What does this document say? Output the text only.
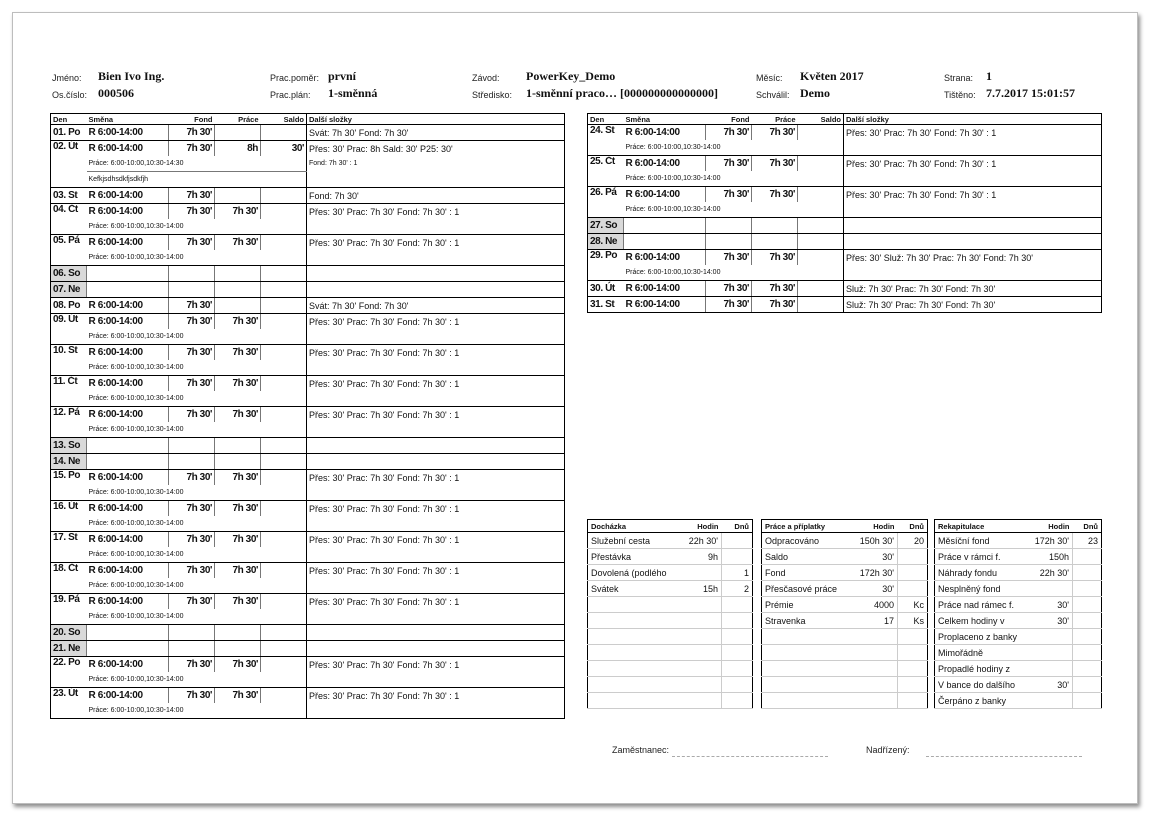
Jméno: Bien Ivo Ing.
Os.číslo: 000506
Prac.poměr: první
Prac.plán: 1-směnná
Závod: PowerKey_Demo
Středisko: 1-směnní praco… [000000000000000]
Měsíc: Květen 2017
Schválil: Demo
Strana: 1
Tištěno: 7.7.2017 15:01:57
Den	Směna	Fond	Práce	Saldo	Další složky
01. Po	R 6:00-14:00	7h 30'			Svát: 7h 30' Fond: 7h 30'
02. Út	R 6:00-14:00	7h 30'	8h	30'	Přes: 30' Prac: 8h Sald: 30' P25: 30'
	Práce: 6:00-10:00,10:30-14:30				Fond: 7h 30' : 1
	Kefkjsdhsdkfjsdkfjh				
03. St	R 6:00-14:00	7h 30'			Fond: 7h 30'
04. Čt	R 6:00-14:00	7h 30'	7h 30'		Přes: 30' Prac: 7h 30' Fond: 7h 30' : 1
	Práce: 6:00-10:00,10:30-14:00				
05. Pá	R 6:00-14:00	7h 30'	7h 30'		Přes: 30' Prac: 7h 30' Fond: 7h 30' : 1
	Práce: 6:00-10:00,10:30-14:00				
06. So					
07. Ne					
08. Po	R 6:00-14:00	7h 30'			Svát: 7h 30' Fond: 7h 30'
09. Út	R 6:00-14:00	7h 30'	7h 30'		Přes: 30' Prac: 7h 30' Fond: 7h 30' : 1
	Práce: 6:00-10:00,10:30-14:00				
10. St	R 6:00-14:00	7h 30'	7h 30'		Přes: 30' Prac: 7h 30' Fond: 7h 30' : 1
	Práce: 6:00-10:00,10:30-14:00				
11. Čt	R 6:00-14:00	7h 30'	7h 30'		Přes: 30' Prac: 7h 30' Fond: 7h 30' : 1
	Práce: 6:00-10:00,10:30-14:00				
12. Pá	R 6:00-14:00	7h 30'	7h 30'		Přes: 30' Prac: 7h 30' Fond: 7h 30' : 1
	Práce: 6:00-10:00,10:30-14:00				
13. So					
14. Ne					
15. Po	R 6:00-14:00	7h 30'	7h 30'		Přes: 30' Prac: 7h 30' Fond: 7h 30' : 1
	Práce: 6:00-10:00,10:30-14:00				
16. Út	R 6:00-14:00	7h 30'	7h 30'		Přes: 30' Prac: 7h 30' Fond: 7h 30' : 1
	Práce: 6:00-10:00,10:30-14:00				
17. St	R 6:00-14:00	7h 30'	7h 30'		Přes: 30' Prac: 7h 30' Fond: 7h 30' : 1
	Práce: 6:00-10:00,10:30-14:00				
18. Čt	R 6:00-14:00	7h 30'	7h 30'		Přes: 30' Prac: 7h 30' Fond: 7h 30' : 1
	Práce: 6:00-10:00,10:30-14:00				
19. Pá	R 6:00-14:00	7h 30'	7h 30'		Přes: 30' Prac: 7h 30' Fond: 7h 30' : 1
	Práce: 6:00-10:00,10:30-14:00				
20. So					
21. Ne					
22. Po	R 6:00-14:00	7h 30'	7h 30'		Přes: 30' Prac: 7h 30' Fond: 7h 30' : 1
	Práce: 6:00-10:00,10:30-14:00				
23. Út	R 6:00-14:00	7h 30'	7h 30'		Přes: 30' Prac: 7h 30' Fond: 7h 30' : 1
	Práce: 6:00-10:00,10:30-14:00				
Den	Směna	Fond	Práce	Saldo	Další složky
24. St	R 6:00-14:00	7h 30'	7h 30'		Přes: 30' Prac: 7h 30' Fond: 7h 30' : 1
	Práce: 6:00-10:00,10:30-14:00				
25. Čt	R 6:00-14:00	7h 30'	7h 30'		Přes: 30' Prac: 7h 30' Fond: 7h 30' : 1
	Práce: 6:00-10:00,10:30-14:00				
26. Pá	R 6:00-14:00	7h 30'	7h 30'		Přes: 30' Prac: 7h 30' Fond: 7h 30' : 1
	Práce: 6:00-10:00,10:30-14:00				
27. So					
28. Ne					
29. Po	R 6:00-14:00	7h 30'	7h 30'		Přes: 30' Služ: 7h 30' Prac: 7h 30' Fond: 7h 30'
	Práce: 6:00-10:00,10:30-14:00				
30. Út	R 6:00-14:00	7h 30'	7h 30'		Služ: 7h 30' Prac: 7h 30' Fond: 7h 30'
31. St	R 6:00-14:00	7h 30'	7h 30'		Služ: 7h 30' Prac: 7h 30' Fond: 7h 30'
Docházka	Hodin	Dnů
Služební cesta	22h 30'	
Přestávka	9h	
Dovolená (podlého		1
Svátek	15h	2

Práce a příplatky	Hodin	Dnů
Odpracováno	150h 30'	20
Saldo	30'	
Fond	172h 30'	
Přesčasové práce	30'	
Prémie	4000	Kc
Stravenka	17	Ks

Rekapitulace	Hodin	Dnů
Měsíční fond	172h 30'	23
Práce v rámci f.	150h	
Náhrady fondu	22h 30'	
Nesplněný fond		
Práce nad rámec f.	30'	
Celkem hodiny v	30'	
Proplaceno z banky		
Mimořádně		
Propadlé hodiny z		
V bance do dalšího	30'	
Čerpáno z banky		
Zaměstnanec:	Nadřízený:
